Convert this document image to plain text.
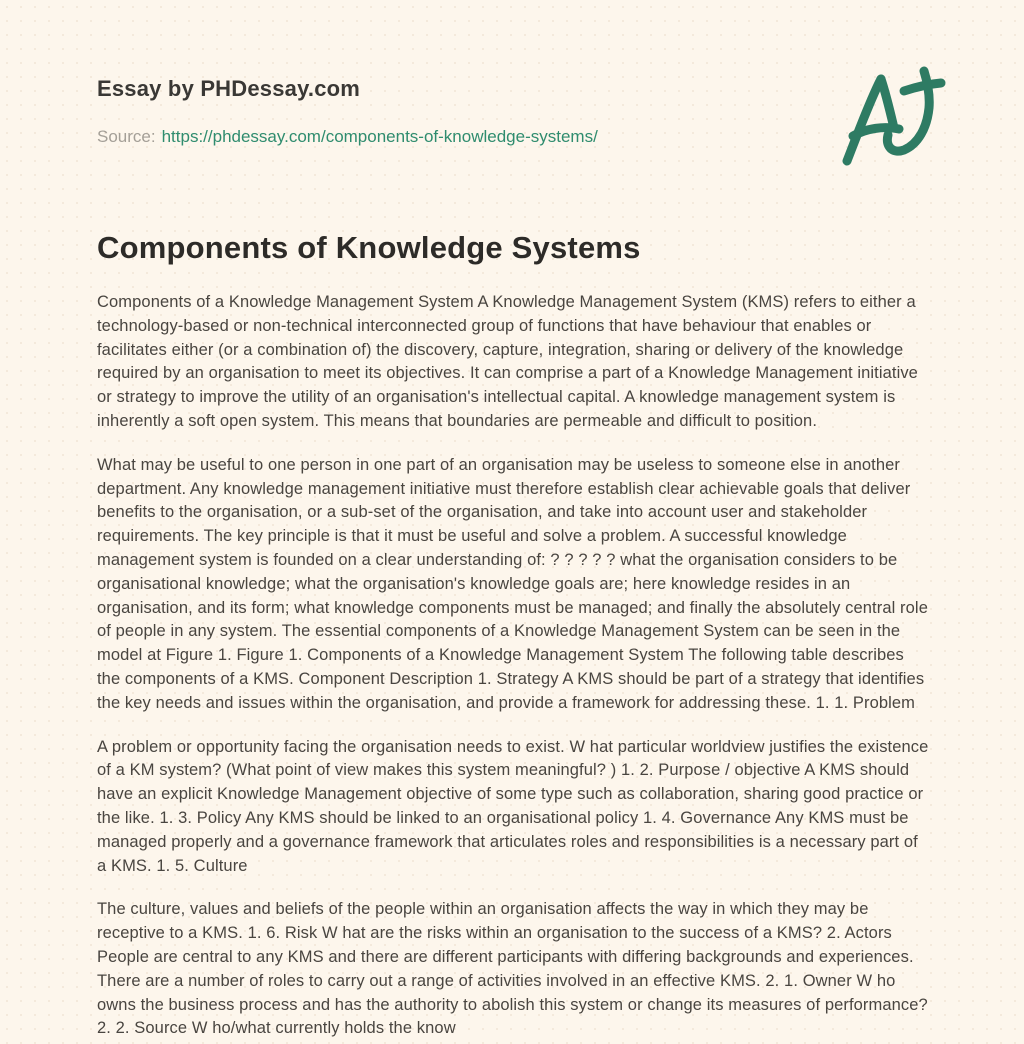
Essay by PHDessay.com
Source: https://phdessay.com/components-of-knowledge-systems/
Components of Knowledge Systems

Components of a Knowledge Management System A Knowledge Management System (KMS) refers to either a technology-based or non-technical interconnected group of functions that have behaviour that enables or facilitates either (or a combination of) the discovery, capture, integration, sharing or delivery of the knowledge required by an organisation to meet its objectives. It can comprise a part of a Knowledge Management initiative or strategy to improve the utility of an organisation's intellectual capital. A knowledge management system is inherently a soft open system. This means that boundaries are permeable and difficult to position.

What may be useful to one person in one part of an organisation may be useless to someone else in another department. Any knowledge management initiative must therefore establish clear achievable goals that deliver benefits to the organisation, or a sub-set of the organisation, and take into account user and stakeholder requirements. The key principle is that it must be useful and solve a problem. A successful knowledge management system is founded on a clear understanding of: ? ? ? ? ? what the organisation considers to be organisational knowledge; what the organisation's knowledge goals are; here knowledge resides in an organisation, and its form; what knowledge components must be managed; and finally the absolutely central role of people in any system. The essential components of a Knowledge Management System can be seen in the model at Figure 1. Figure 1. Components of a Knowledge Management System The following table describes the components of a KMS. Component Description 1. Strategy A KMS should be part of a strategy that identifies the key needs and issues within the organisation, and provide a framework for addressing these. 1. 1. Problem

A problem or opportunity facing the organisation needs to exist. W hat particular worldview justifies the existence of a KM system? (What point of view makes this system meaningful? ) 1. 2. Purpose / objective A KMS should have an explicit Knowledge Management objective of some type such as collaboration, sharing good practice or the like. 1. 3. Policy Any KMS should be linked to an organisational policy 1. 4. Governance Any KMS must be managed properly and a governance framework that articulates roles and responsibilities is a necessary part of a KMS. 1. 5. Culture

The culture, values and beliefs of the people within an organisation affects the way in which they may be receptive to a KMS. 1. 6. Risk W hat are the risks within an organisation to the success of a KMS? 2. Actors People are central to any KMS and there are different participants with differing backgrounds and experiences. There are a number of roles to carry out a range of activities involved in an effective KMS. 2. 1. Owner W ho owns the business process and has the authority to abolish this system or change its measures of performance? 2. 2. Source W ho/what currently holds the know
